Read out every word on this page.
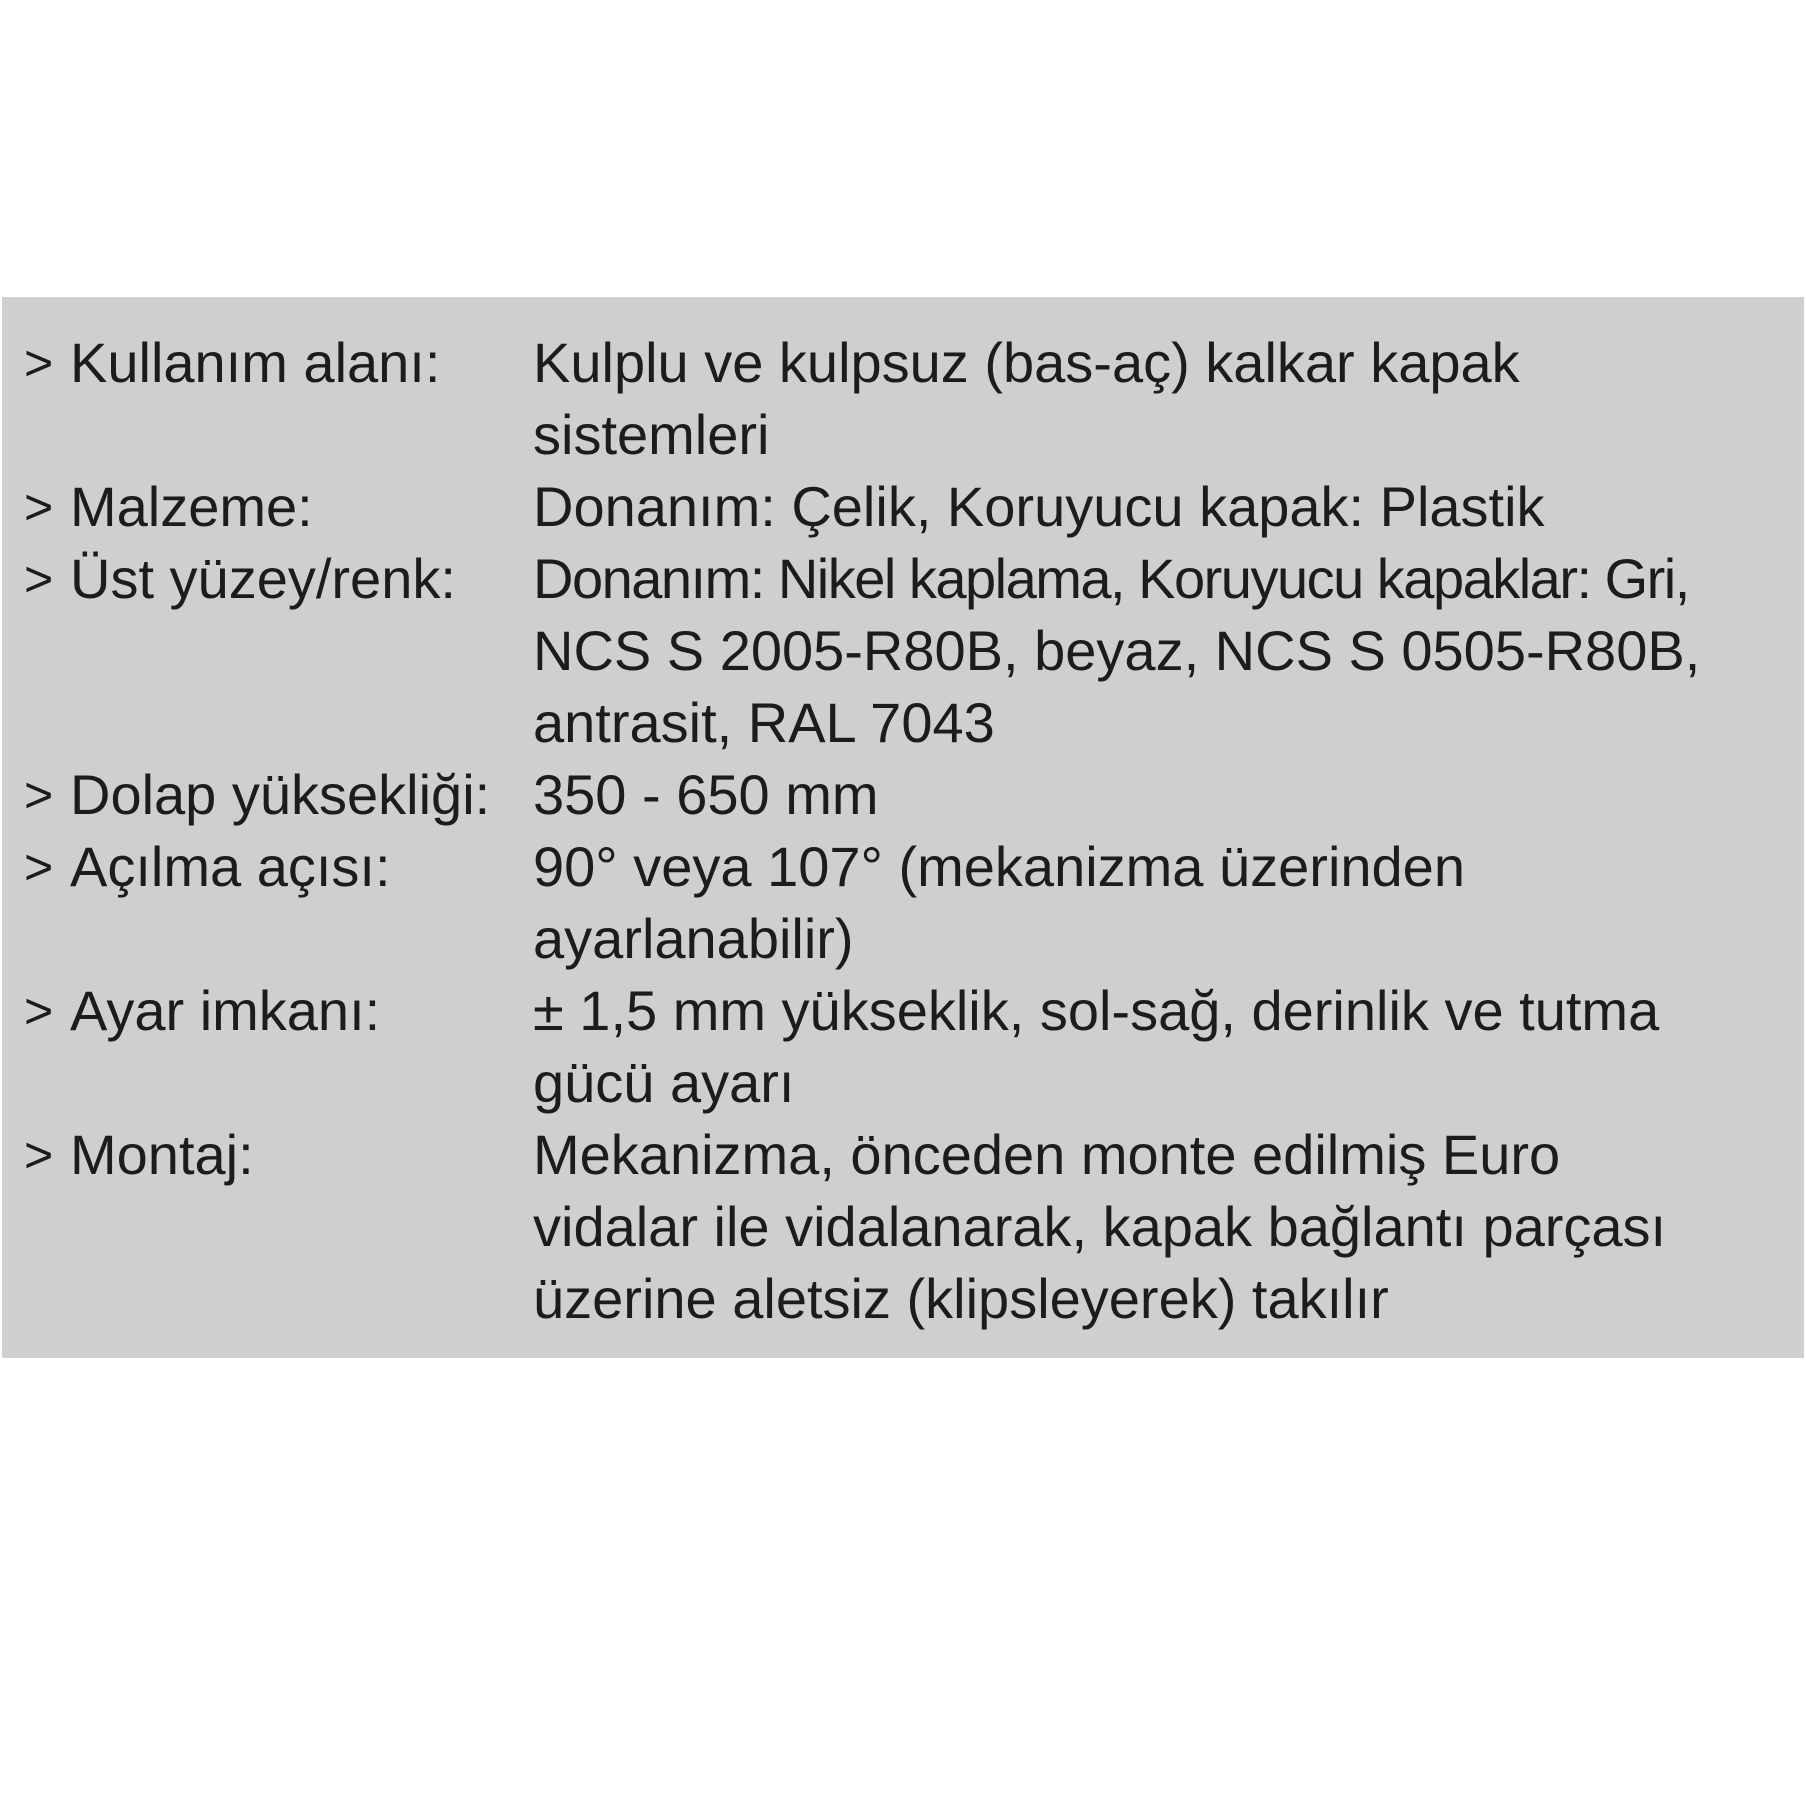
> Kullanım alanı:	Kulplu ve kulpsuz (bas-aç) kalkar kapak
sistemleri
> Malzeme:	Donanım: Çelik, Koruyucu kapak: Plastik
> Üst yüzey/renk:	Donanım: Nikel kaplama, Koruyucu kapaklar: Gri,
NCS S 2005-R80B, beyaz, NCS S 0505-R80B,
antrasit, RAL 7043
> Dolap yüksekliği: 350 - 650 mm
> Açılma açısı:	90° veya 107° (mekanizma üzerinden
ayarlanabilir)
> Ayar imkanı:	± 1,5 mm yükseklik, sol-sağ, derinlik ve tutma
gücü ayarı
> Montaj:	Mekanizma, önceden monte edilmiş Euro
vidalar ile vidalanarak, kapak bağlantı parçası
üzerine aletsiz (klipsleyerek) takılır
